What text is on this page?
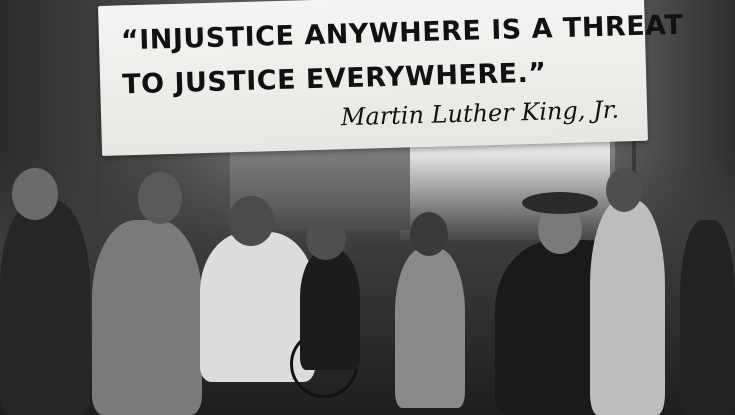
“INJUSTICE ANYWHERE IS A THREAT
TO JUSTICE EVERYWHERE.”
Martin Luther King, Jr.
